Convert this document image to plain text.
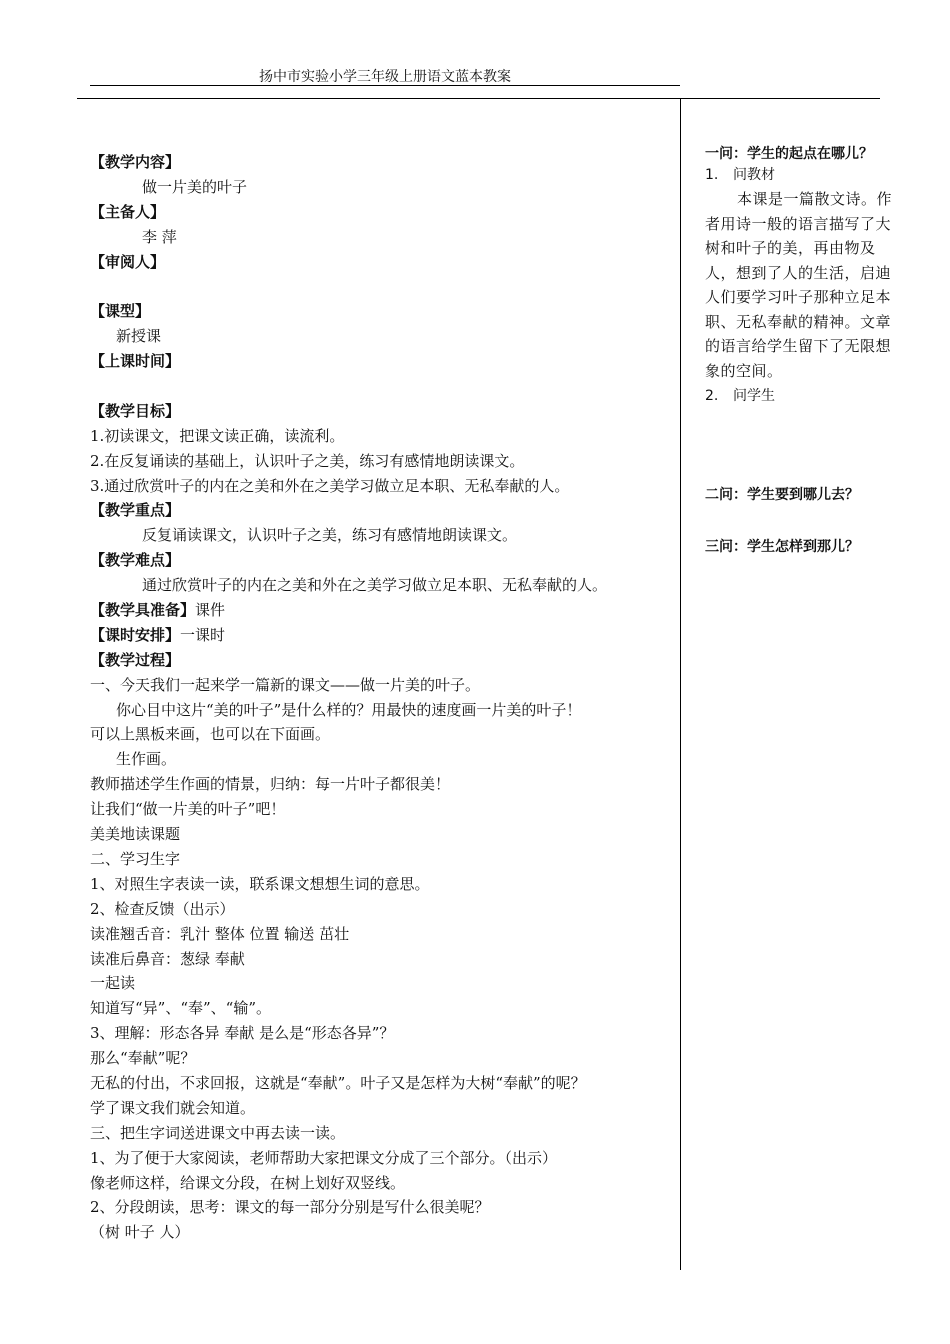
扬中市实验小学三年级上册语文蓝本教案
【教学内容】
做一片美的叶子
【主备人】
李 萍
【审阅人】
【课型】
新授课
【上课时间】
【教学目标】
1.初读课文，把课文读正确，读流利。
2.在反复诵读的基础上，认识叶子之美，练习有感情地朗读课文。
3.通过欣赏叶子的内在之美和外在之美学习做立足本职、无私奉献的人。
【教学重点】
反复诵读课文，认识叶子之美，练习有感情地朗读课文。
【教学难点】
通过欣赏叶子的内在之美和外在之美学习做立足本职、无私奉献的人。
【教学具准备】课件
【课时安排】一课时
【教学过程】
一、今天我们一起来学一篇新的课文——做一片美的叶子。
你心目中这片“美的叶子”是什么样的？用最快的速度画一片美的叶子！
可以上黑板来画，也可以在下面画。
生作画。
教师描述学生作画的情景，归纳：每一片叶子都很美！
让我们“做一片美的叶子”吧！
美美地读课题
二、学习生字
1、对照生字表读一读，联系课文想想生词的意思。
2、检查反馈（出示）
读准翘舌音：乳汁 整体 位置 输送 茁壮
读准后鼻音：葱绿 奉献
一起读
知道写“异”、“奉”、“输”。
3、理解：形态各异 奉献 是么是“形态各异”？
那么“奉献”呢？
无私的付出，不求回报，这就是“奉献”。叶子又是怎样为大树“奉献”的呢？
学了课文我们就会知道。
三、把生字词送进课文中再去读一读。
1、为了便于大家阅读，老师帮助大家把课文分成了三个部分。（出示）
像老师这样，给课文分段，在树上划好双竖线。
2、分段朗读，思考：课文的每一部分分别是写什么很美呢？
（树 叶子 人）
一问：学生的起点在哪儿？
1. 问教材
本课是一篇散文诗。作者用诗一般的语言描写了大树和叶子的美，再由物及人，想到了人的生活，启迪人们要学习叶子那种立足本职、无私奉献的精神。文章的语言给学生留下了无限想象的空间。
2. 问学生
二问：学生要到哪儿去？
三问：学生怎样到那儿？
